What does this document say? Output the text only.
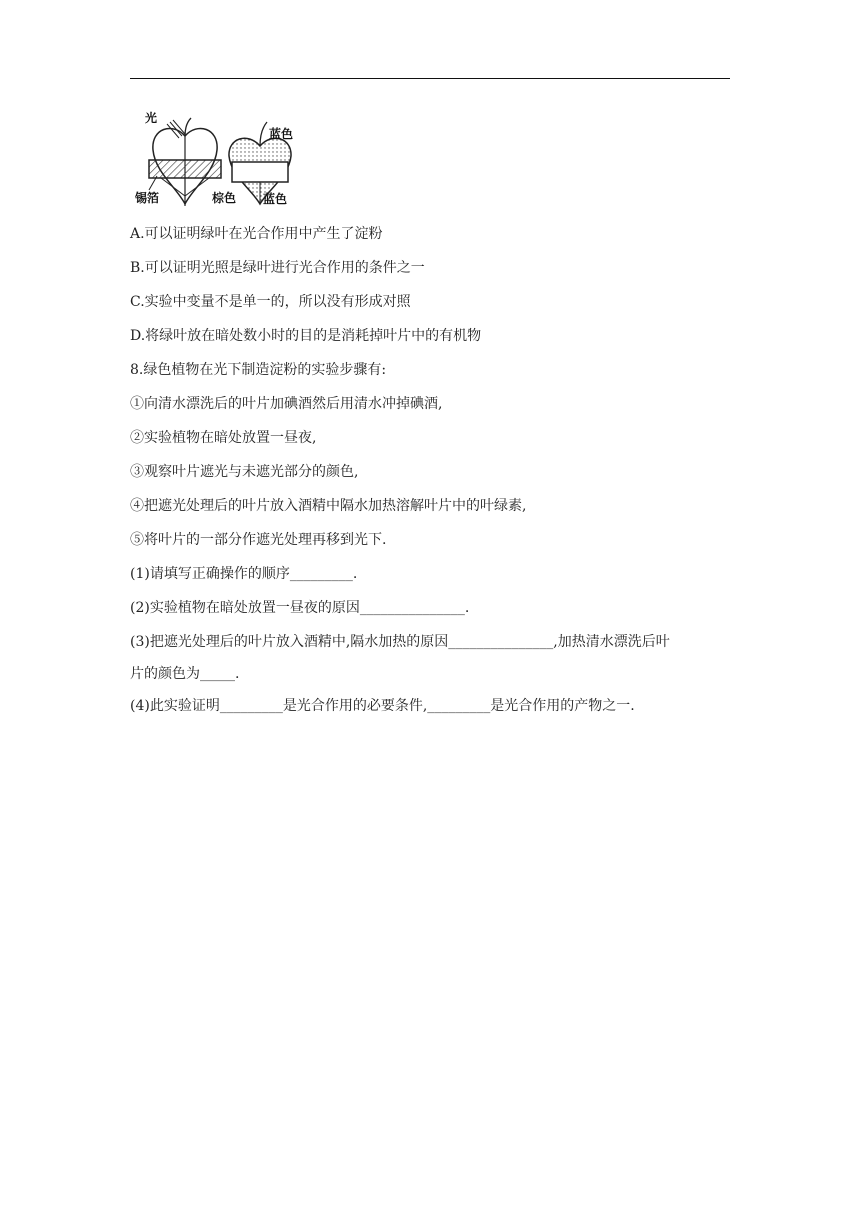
光
锡箔
蓝色
棕色 蓝色
A.可以证明绿叶在光合作用中产生了淀粉
B.可以证明光照是绿叶进行光合作用的条件之一
C.实验中变量不是单一的，所以没有形成对照
D.将绿叶放在暗处数小时的目的是消耗掉叶片中的有机物
8.绿色植物在光下制造淀粉的实验步骤有:
①向清水漂洗后的叶片加碘酒然后用清水冲掉碘酒,
②实验植物在暗处放置一昼夜,
③观察叶片遮光与未遮光部分的颜色,
④把遮光处理后的叶片放入酒精中隔水加热溶解叶片中的叶绿素,
⑤将叶片的一部分作遮光处理再移到光下.
(1)请填写正确操作的顺序_________.
(2)实验植物在暗处放置一昼夜的原因_______________.
(3)把遮光处理后的叶片放入酒精中,隔水加热的原因_______________,加热清水漂洗后叶
片的颜色为_____.
(4)此实验证明_________是光合作用的必要条件,_________是光合作用的产物之一.
